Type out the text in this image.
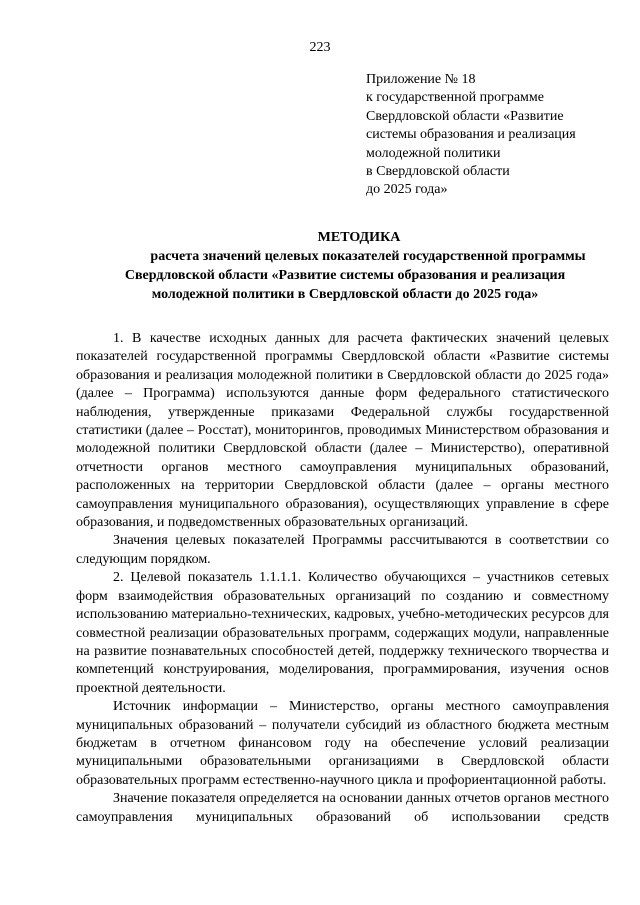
223
Приложение № 18
к государственной программе
Свердловской области «Развитие
системы образования и реализация
молодежной политики
в Свердловской области
до 2025 года»
МЕТОДИКА
расчета значений целевых показателей государственной программы
Свердловской области «Развитие системы образования и реализация
молодежной политики в Свердловской области до 2025 года»

1. В качестве исходных данных для расчета фактических значений целевых показателей государственной программы Свердловской области «Развитие системы образования и реализация молодежной политики в Свердловской области до 2025 года» (далее – Программа) используются данные форм федерального статистического наблюдения, утвержденные приказами Федеральной службы государственной статистики (далее – Росстат), мониторингов, проводимых Министерством образования и молодежной политики Свердловской области (далее – Министерство), оперативной отчетности органов местного самоуправления муниципальных образований, расположенных на территории Свердловской области (далее – органы местного самоуправления муниципального образования), осуществляющих управление в сфере образования, и подведомственных образовательных организаций.

Значения целевых показателей Программы рассчитываются в соответствии со следующим порядком.

2. Целевой показатель 1.1.1.1. Количество обучающихся – участников сетевых форм взаимодействия образовательных организаций по созданию и совместному использованию материально-технических, кадровых, учебно-методических ресурсов для совместной реализации образовательных программ, содержащих модули, направленные на развитие познавательных способностей детей, поддержку технического творчества и компетенций конструирования, моделирования, программирования, изучения основ проектной деятельности.

Источник информации – Министерство, органы местного самоуправления муниципальных образований – получатели субсидий из областного бюджета местным бюджетам в отчетном финансовом году на обеспечение условий реализации муниципальными образовательными организациями в Свердловской области образовательных программ естественно-научного цикла и профориентационной работы.

Значение показателя определяется на основании данных отчетов органов местного самоуправления муниципальных образований об использовании средств
